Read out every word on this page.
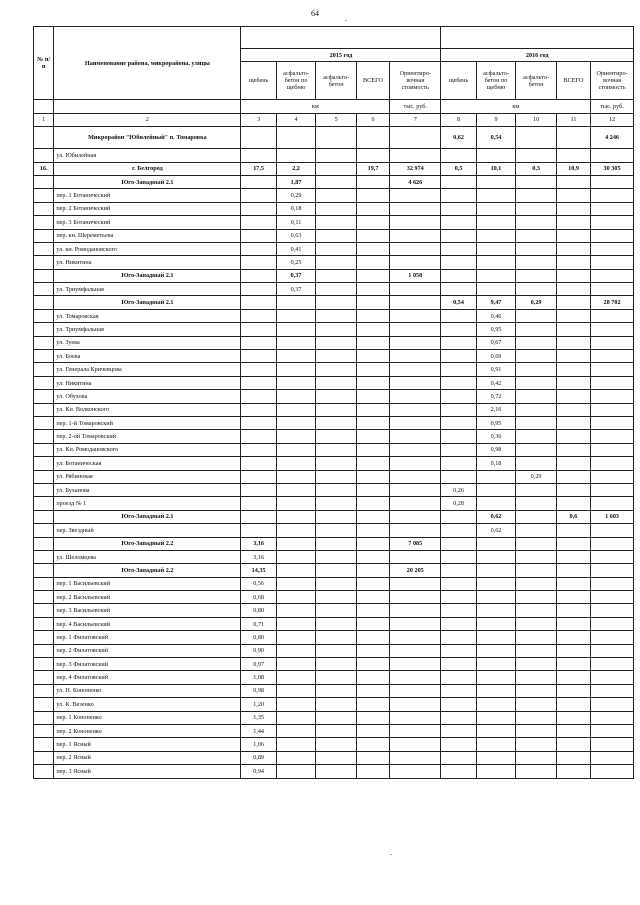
64
.
.
№ п/п	Наименование района, микрорайона, улицы										
		2015 год					2016 год				
		щебень	асфальто-бетон по щебню	асфальто-бетон	ВСЕГО	Ориентиро-вочная стоимость	щебень	асфальто-бетон по щебню	асфальто-бетон	ВСЕГО	Ориентиро-вочная стоимость
		км				тыс. руб.	км				тыс. руб.
1	2	3	4	5	6	7	8	9	10	11	12
	Микрорайон "Юбилейный" п. Томаровка						0,62	0,54			4 246
	ул. Юбилейная										
16.	г. Белгород	17,5	2,2		19,7	32 974	0,5	10,1	0,3	10,9	30 305
	Юго-Западный 2.1		1,87			4 626					
	пер. 1 Ботанический		0,29								
	пер. 2 Ботанический		0,18								
	пер. 3 Ботанический		0,11								
	пер. кн. Шереметьева		0,63								
	ул. кн. Ромодановского		0,41								
	ул. Никитина		0,25								
	Юго-Западный 2.1		0,37			1 058					
	ул. Триумфальная		0,37								
	Юго-Западный 2.1						0,54	9,47	0,29		28 702
	ул. Томаровская							0,46			
	ул. Триумфальная							0,95			
	ул. Зуева							0,67			
	ул. Боева							0,69			
	ул. Генерала Кричевцова							0,91			
	ул. Никитина							0,42			
	ул. Обухова							0,72			
	ул. Кн. Волконского							2,16			
	пер. 1-й Томаровский							0,95			
	пер. 2-ой Томаровский							0,36			
	ул. Кн. Ромодановского							0,98			
	ул. Ботаническая							0,18			
	ул. Рябиновая								0,29		
	ул. Буханова						0,26				
	проезд № 1						0,28				
	Юго-Западный 2.1							0,62		0,6	1 603
	пер. Звездный							0,62			
	Юго-Западный 2.2	3,16				7 085					
	ул. Шеломцева	3,16									
	Юго-Западный 2.2	14,35				20 205					
	пер. 1 Васильевский	0,56									
	пер. 2 Васильевский	0,68									
	пер. 3 Васильевский	0,80									
	пер. 4 Васильевский	0,71									
	пер. 1 Филатовский	0,80									
	пер. 2 Филатовский	0,90									
	пер. 3 Филатовский	0,97									
	пер. 4 Филатовский	1,08									
	ул. Н. Кононенко	0,98									
	ул. К. Везенко	1,20									
	пер. 1 Кононенко	1,35									
	пер. 2 Кононенко	1,44									
	пер. 1 Ясный	1,06									
	пер. 2 Ясный	0,89									
	пер. 3 Ясный	0,94									
